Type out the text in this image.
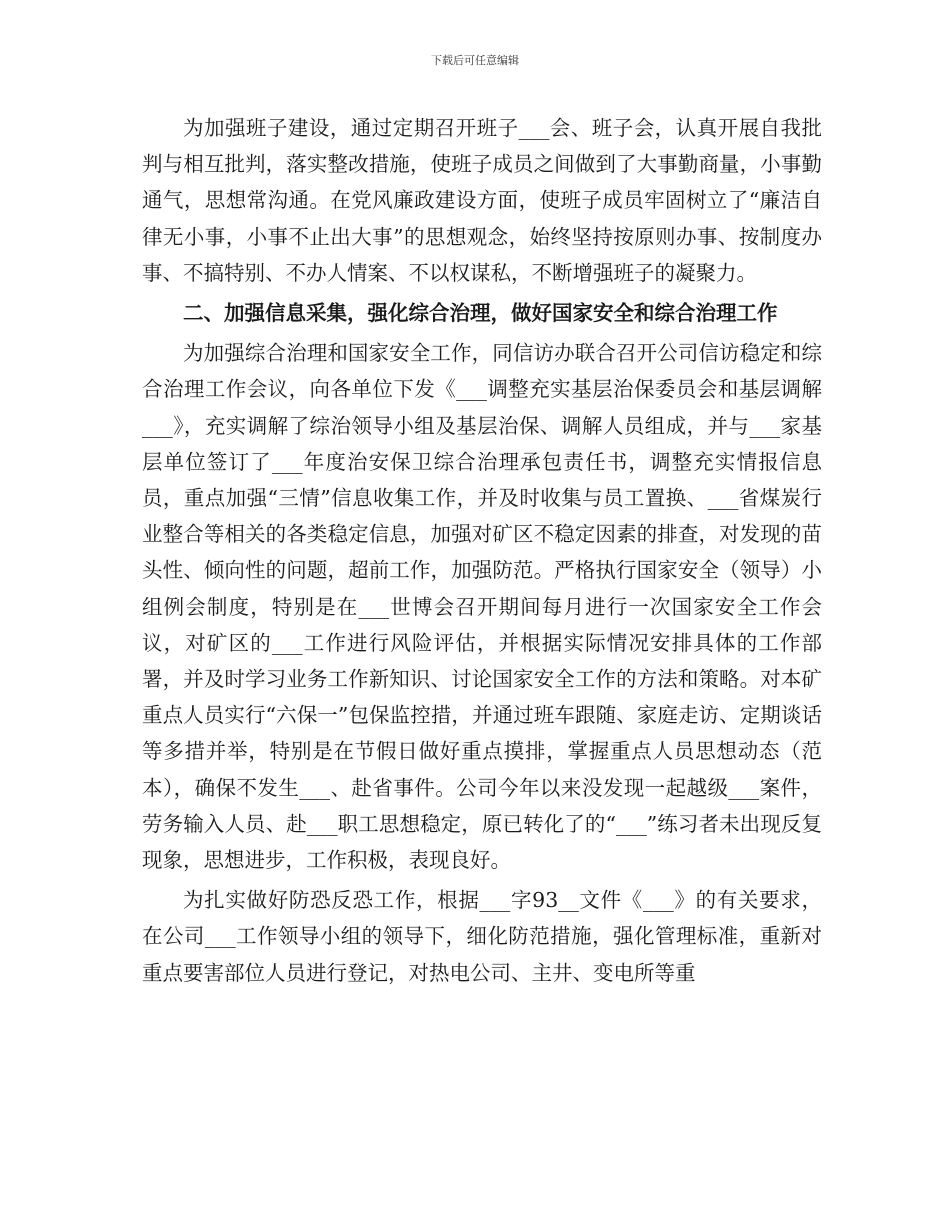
下载后可任意编辑

为加强班子建设，通过定期召开班子___会、班子会，认真开展自我批判与相互批判，落实整改措施，使班子成员之间做到了大事勤商量，小事勤通气，思想常沟通。在党风廉政建设方面，使班子成员牢固树立了“廉洁自律无小事，小事不止出大事”的思想观念，始终坚持按原则办事、按制度办事、不搞特别、不办人情案、不以权谋私，不断增强班子的凝聚力。

二、加强信息采集，强化综合治理，做好国家安全和综合治理工作

为加强综合治理和国家安全工作，同信访办联合召开公司信访稳定和综合治理工作会议，向各单位下发《___调整充实基层治保委员会和基层调解___》，充实调解了综治领导小组及基层治保、调解人员组成，并与___家基层单位签订了___年度治安保卫综合治理承包责任书，调整充实情报信息员，重点加强“三情”信息收集工作，并及时收集与员工置换、___省煤炭行业整合等相关的各类稳定信息，加强对矿区不稳定因素的排查，对发现的苗头性、倾向性的问题，超前工作，加强防范。严格执行国家安全（领导）小组例会制度，特别是在___世博会召开期间每月进行一次国家安全工作会议，对矿区的___工作进行风险评估，并根据实际情况安排具体的工作部署，并及时学习业务工作新知识、讨论国家安全工作的方法和策略。对本矿重点人员实行“六保一”包保监控措，并通过班车跟随、家庭走访、定期谈话等多措并举，特别是在节假日做好重点摸排，掌握重点人员思想动态（范本），确保不发生___、赴省事件。公司今年以来没发现一起越级___案件，劳务输入人员、赴___职工思想稳定，原已转化了的“___”练习者未出现反复现象，思想进步，工作积极，表现良好。

为扎实做好防恐反恐工作，根据___字93__文件《___》的有关要求，在公司___工作领导小组的领导下，细化防范措施，强化管理标准，重新对重点要害部位人员进行登记，对热电公司、主井、变电所等重
